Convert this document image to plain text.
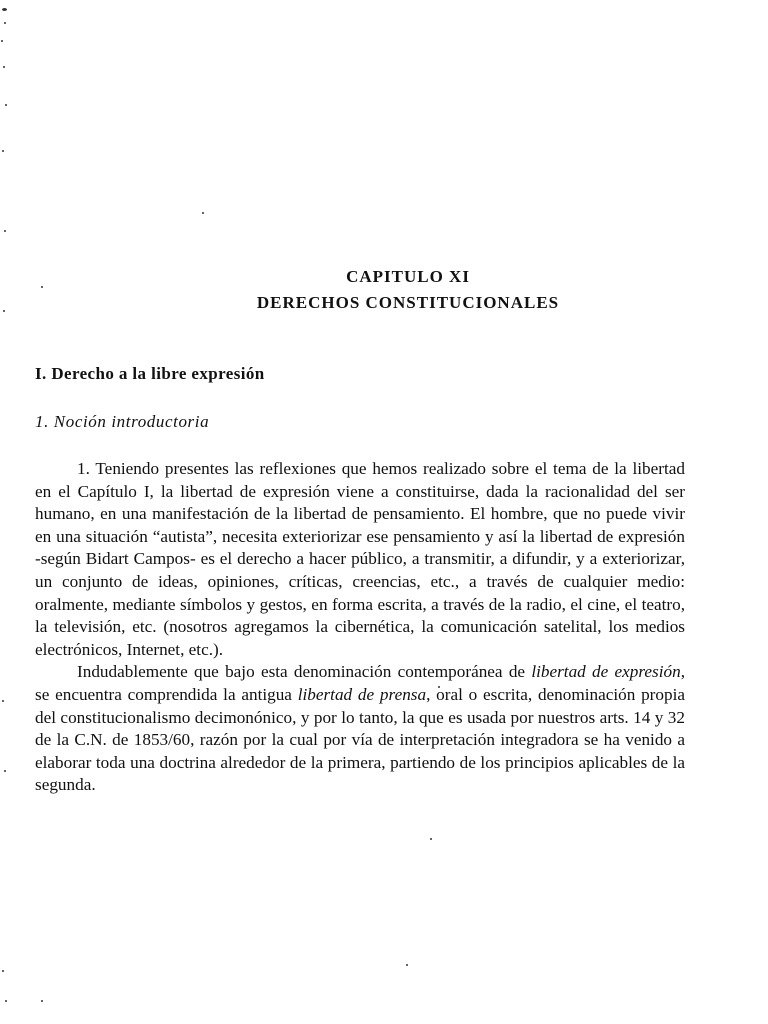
CAPITULO XI
DERECHOS CONSTITUCIONALES
I. Derecho a la libre expresión
1. Noción introductoria

1. Teniendo presentes las reflexiones que hemos realizado sobre el tema de la libertad en el Capítulo I, la libertad de expresión viene a constituirse, dada la racionalidad del ser humano, en una manifestación de la libertad de pensamiento. El hombre, que no puede vivir en una situación “autista”, necesita exteriorizar ese pensamiento y así la libertad de expresión -según Bidart Campos- es el derecho a hacer público, a transmitir, a difundir, y a exteriorizar, un conjunto de ideas, opiniones, críticas, creencias, etc., a través de cualquier medio: oralmente, mediante símbolos y gestos, en forma escrita, a través de la radio, el cine, el teatro, la televisión, etc. (nosotros agregamos la cibernética, la comunicación satelital, los medios electrónicos, Internet, etc.).

Indudablemente que bajo esta denominación contemporánea de libertad de expresión, se encuentra comprendida la antigua libertad de prensa, oral o escrita, denominación propia del constitucionalismo decimonónico, y por lo tanto, la que es usada por nuestros arts. 14 y 32 de la C.N. de 1853/60, razón por la cual por vía de interpretación integradora se ha venido a elaborar toda una doctrina alrededor de la primera, partiendo de los principios aplicables de la segunda.
